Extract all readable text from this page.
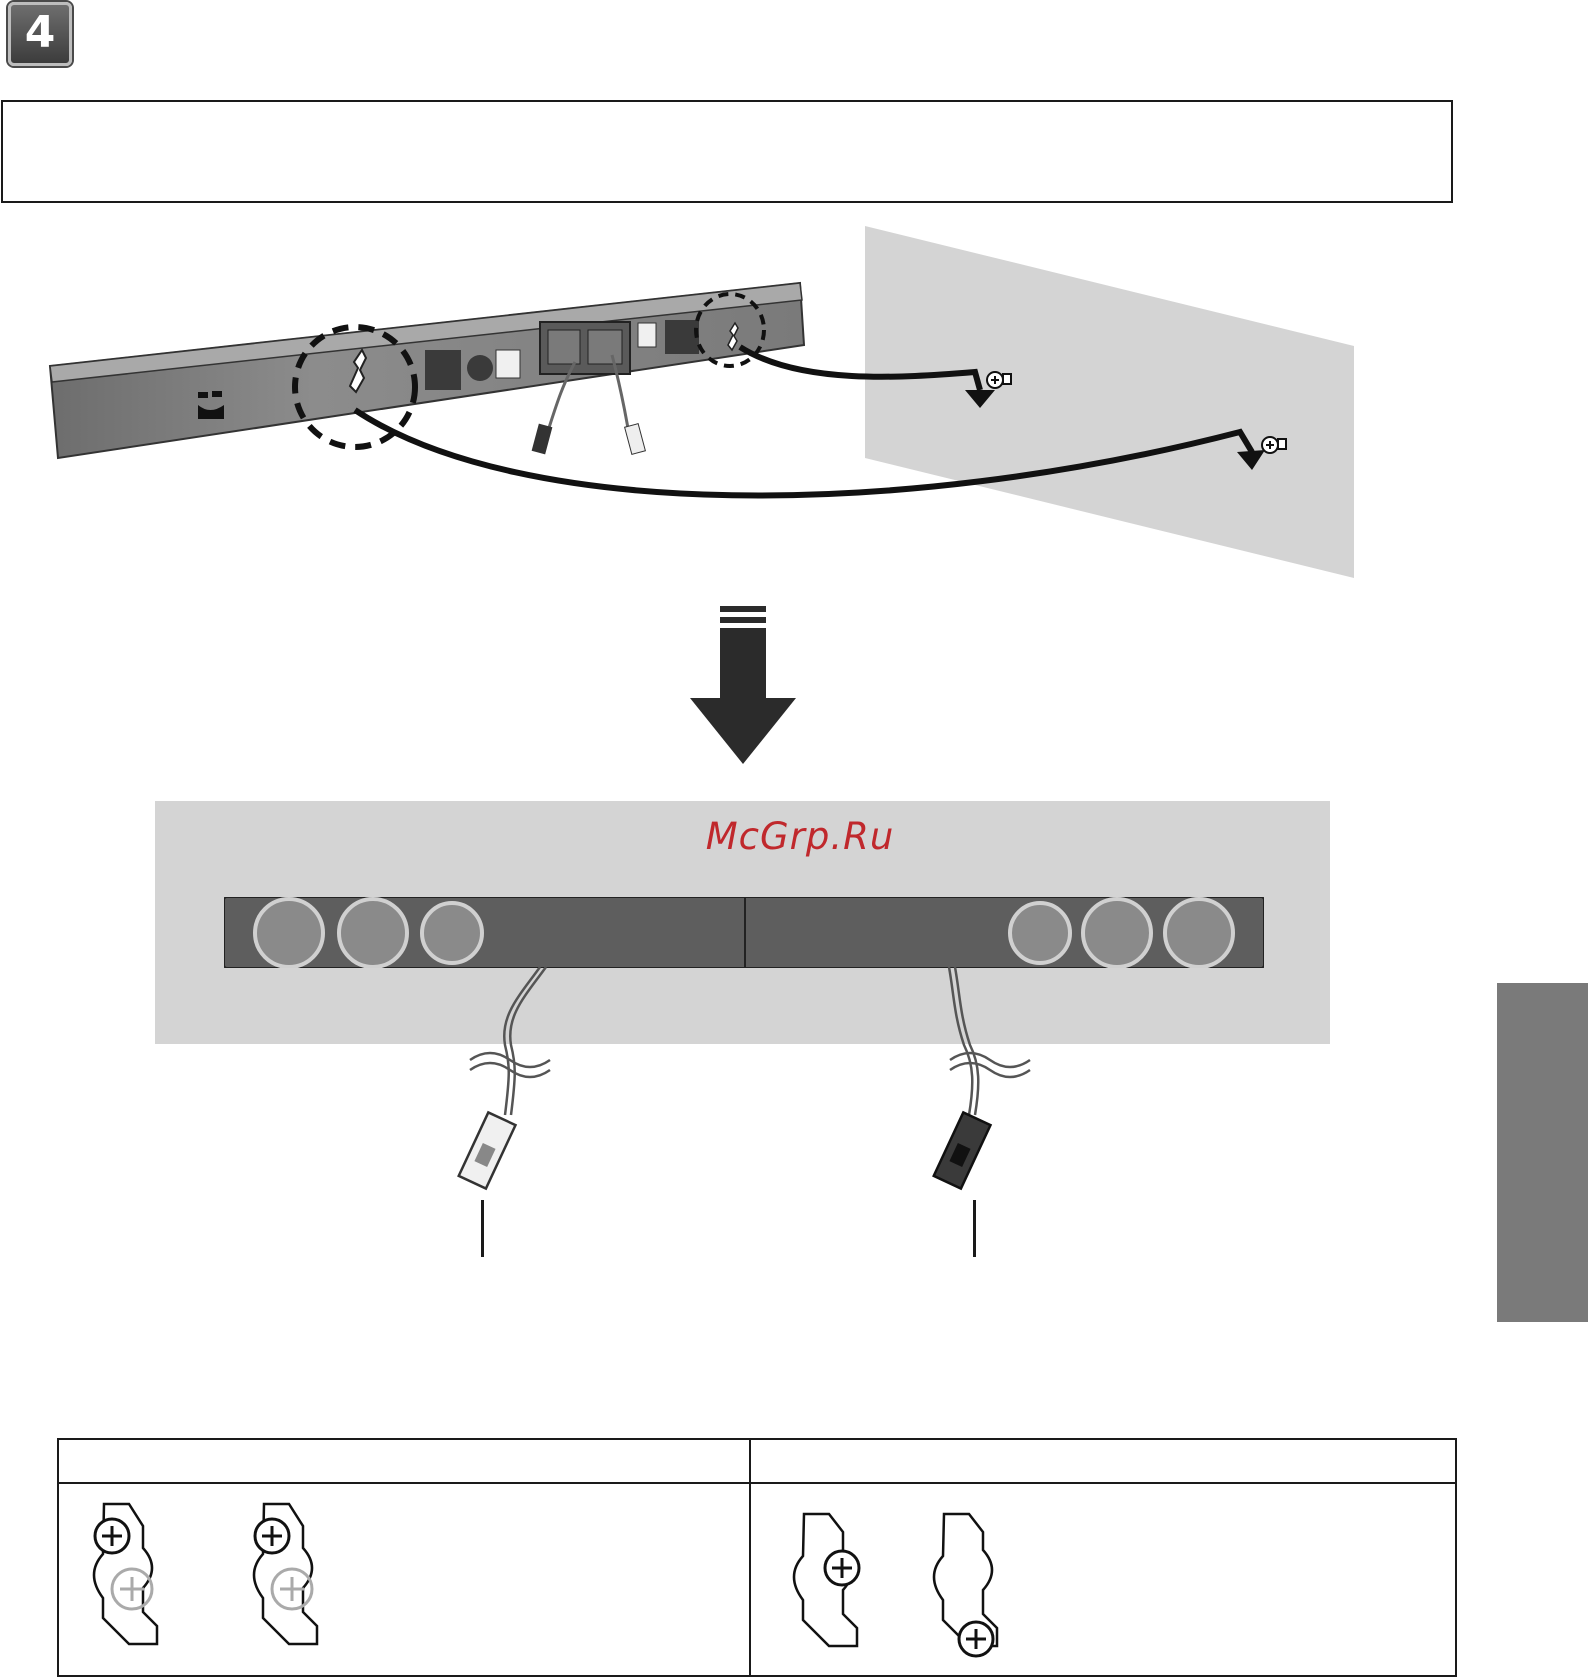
4
McGrp.Ru
